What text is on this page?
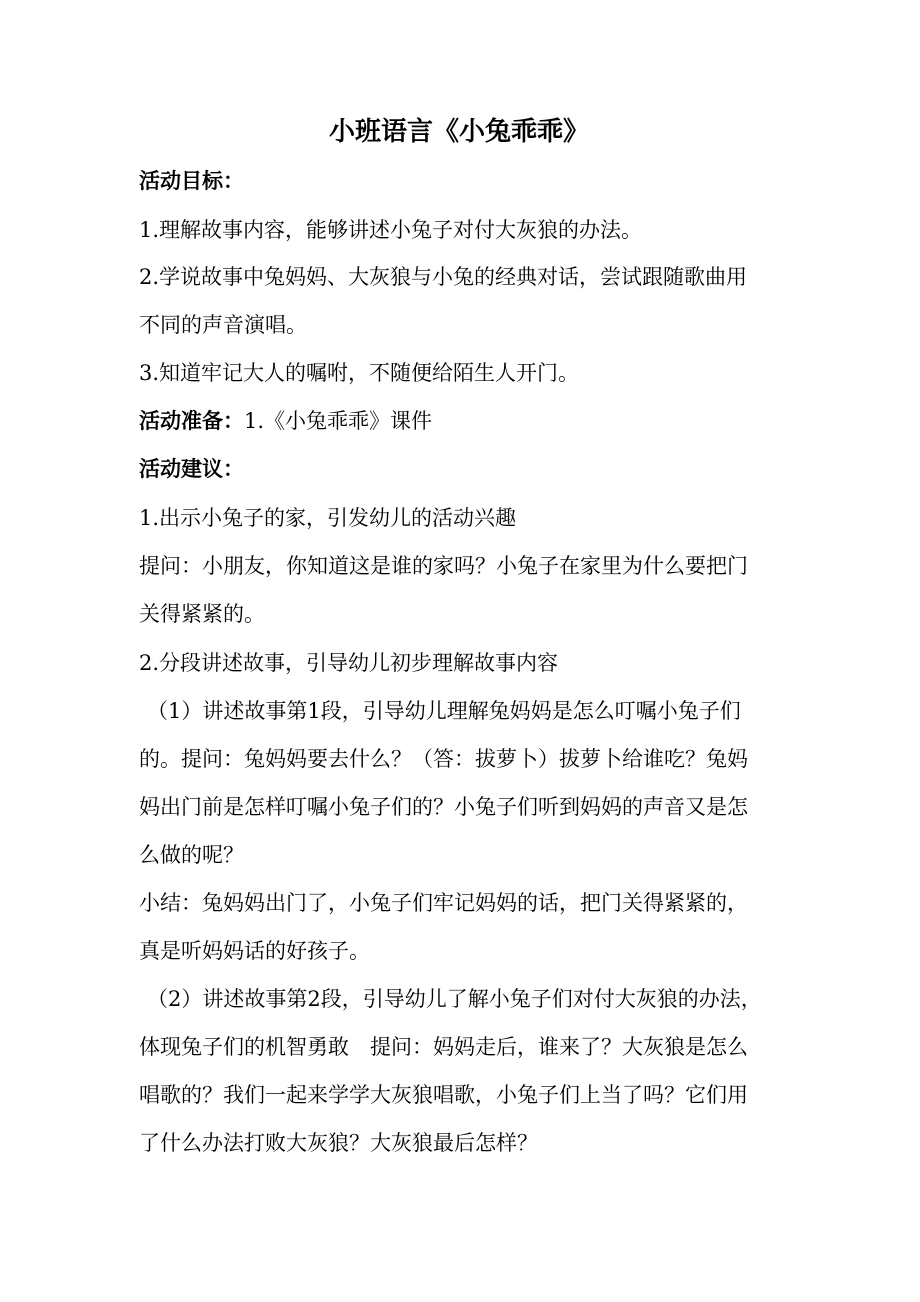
小班语言《小兔乖乖》
活动目标：
1.理解故事内容，能够讲述小兔子对付大灰狼的办法。
2.学说故事中兔妈妈、大灰狼与小兔的经典对话，尝试跟随歌曲用
不同的声音演唱。
3.知道牢记大人的嘱咐，不随便给陌生人开门。
活动准备：1.《小兔乖乖》课件
活动建议：
1.出示小兔子的家，引发幼儿的活动兴趣
提问：小朋友，你知道这是谁的家吗？小兔子在家里为什么要把门
关得紧紧的。
2.分段讲述故事，引导幼儿初步理解故事内容
（1）讲述故事第1段，引导幼儿理解兔妈妈是怎么叮嘱小兔子们
的。提问：兔妈妈要去什么？（答：拔萝卜）拔萝卜给谁吃？兔妈
妈出门前是怎样叮嘱小兔子们的？小兔子们听到妈妈的声音又是怎
么做的呢？
小结：兔妈妈出门了，小兔子们牢记妈妈的话，把门关得紧紧的，
真是听妈妈话的好孩子。
（2）讲述故事第2段，引导幼儿了解小兔子们对付大灰狼的办法，
体现兔子们的机智勇敢　提问：妈妈走后，谁来了？大灰狼是怎么
唱歌的？我们一起来学学大灰狼唱歌，小兔子们上当了吗？它们用
了什么办法打败大灰狼？大灰狼最后怎样？
